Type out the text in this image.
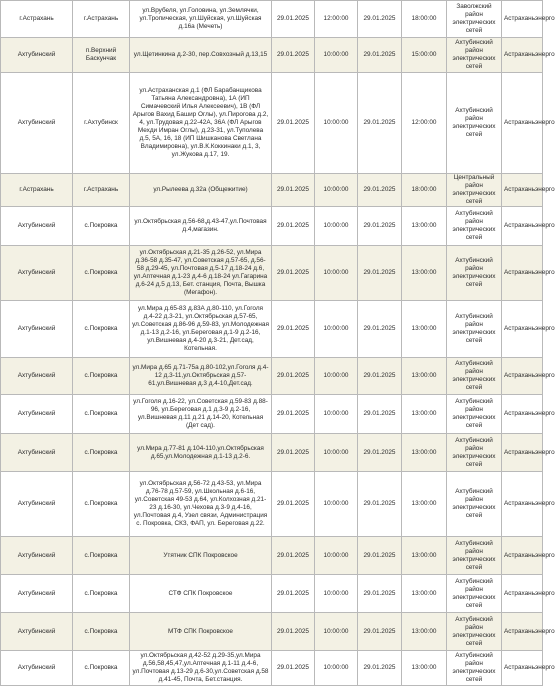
г.Астрахань	г.Астрахань	ул.Врубеля, ул.Головина, ул.Землячки, ул.Тропическая, ул.Шуйская, ул.Шуйская д.16а (Мечеть)	29.01.2025	12:00:00	29.01.2025	18:00:00	Заволжский район электрических сетей	Астраханьэнерго
Ахтубинский	п.Верхний Баскунчак	ул.Щетинкина д.2-30, пер.Совхозный д.13,15	29.01.2025	10:00:00	29.01.2025	15:00:00	Ахтубинский район электрических сетей	Астраханьэнерго
Ахтубинский	г.Ахтубинск	ул.Астраханская д.1 (ФЛ Барабанщикова Татьяна Александровна), 1А (ИП Симачевский Илья Алексеевич), 1В (ФЛ Арыгов Вахид Башир Оглы), ул.Пирогова д.2, 4, ул.Трудовая д.22-42А, 36А (ФЛ Арыгов Мехди Имран Оглы), д.23-31, ул.Туполева д.5, 5А, 16, 18 (ИП Шишканова Светлана Владимировна), ул.В.К.Коккинаки д.1, 3, ул.Жукова д.17, 19.	29.01.2025	10:00:00	29.01.2025	12:00:00	Ахтубинский район электрических сетей	Астраханьэнерго
г.Астрахань	г.Астрахань	ул.Рылеева д.32а (Общежитие)	29.01.2025	10:00:00	29.01.2025	18:00:00	Центральный район электрических сетей	Астраханьэнерго
Ахтубинский	с.Покровка	ул.Октябрьская д.56-68,д.43-47,ул.Почтовая д.4,магазин.	29.01.2025	10:00:00	29.01.2025	13:00:00	Ахтубинский район электрических сетей	Астраханьэнерго
Ахтубинский	с.Покровка	ул.Октябрьская д.21-35 д.26-52, ул.Мира д.36-58 д.35-47, ул.Советская д.57-65, д.56-58 д.29-45, ул.Почтовая д.5-17 д.18-24 д.6, ул.Аптечная д.1-23 д.4-6 д.18-24 ул.Гагарина д.6-24 д.5 д.13, Бет. станция, Почта, Вышка (Мегафон).	29.01.2025	10:00:00	29.01.2025	13:00:00	Ахтубинский район электрических сетей	Астраханьэнерго
Ахтубинский	с.Покровка	ул.Мира д.65-83 д.83А д.80-110, ул.Гоголя д.4-22 д.3-21, ул.Октябрьская д.57-65, ул.Советская д.86-96 д.59-83, ул.Молодежная д.1-13 д.2-16, ул.Береговая д.1-9 д.2-16, ул.Вишневая д.4-20 д.3-21, Дет.сад, Котельная.	29.01.2025	10:00:00	29.01.2025	13:00:00	Ахтубинский район электрических сетей	Астраханьэнерго
Ахтубинский	с.Покровка	ул.Мира д.65 д.71-75а д.80-102,ул.Гоголя д.4-12 д.3-11,ул.Октябрьская д.57-61,ул.Вишневая д.3 д.4-10,Дет.сад.	29.01.2025	10:00:00	29.01.2025	13:00:00	Ахтубинский район электрических сетей	Астраханьэнерго
Ахтубинский	с.Покровка	ул.Гоголя д.16-22, ул.Советская д.59-83 д.88-96, ул.Береговая д.1 д.3-9 д.2-16, ул.Вишневая д.11 д.21 д.14-20, Котельная (Дет сад).	29.01.2025	10:00:00	29.01.2025	13:00:00	Ахтубинский район электрических сетей	Астраханьэнерго
Ахтубинский	с.Покровка	ул.Мира д.77-81 д.104-110,ул.Октябрьская д.65,ул.Молодежная д.1-13 д.2-6.	29.01.2025	10:00:00	29.01.2025	13:00:00	Ахтубинский район электрических сетей	Астраханьэнерго
Ахтубинский	с.Покровка	ул.Октябрьская д.56-72 д.43-53, ул.Мира д.76-78 д.57-59, ул.Школьная д.6-16, ул.Советская 49-53 д.64, ул.Колхозная д.21-23 д.16-30, ул.Чехова д.3-9 д.4-16, ул.Почтовая д.4, Узел связи, Администрация с. Покровка, СКЗ, ФАП, ул. Береговая д.22.	29.01.2025	10:00:00	29.01.2025	13:00:00	Ахтубинский район электрических сетей	Астраханьэнерго
Ахтубинский	с.Покровка	Утятник СПК Покровское	29.01.2025	10:00:00	29.01.2025	13:00:00	Ахтубинский район электрических сетей	Астраханьэнерго
Ахтубинский	с.Покровка	СТФ СПК Покровское	29.01.2025	10:00:00	29.01.2025	13:00:00	Ахтубинский район электрических сетей	Астраханьэнерго
Ахтубинский	с.Покровка	МТФ СПК Покровское	29.01.2025	10:00:00	29.01.2025	13:00:00	Ахтубинский район электрических сетей	Астраханьэнерго
Ахтубинский	с.Покровка	ул.Октябрьская д.42-52 д.29-35,ул.Мира д.56,58,45,47,ул.Аптечная д.1-11 д.4-6, ул.Почтовая д.13-29 д.6-30,ул.Советская д.58 д.41-45, Почта, Бет.станция.	29.01.2025	10:00:00	29.01.2025	13:00:00	Ахтубинский район электрических сетей	Астраханьэнерго
